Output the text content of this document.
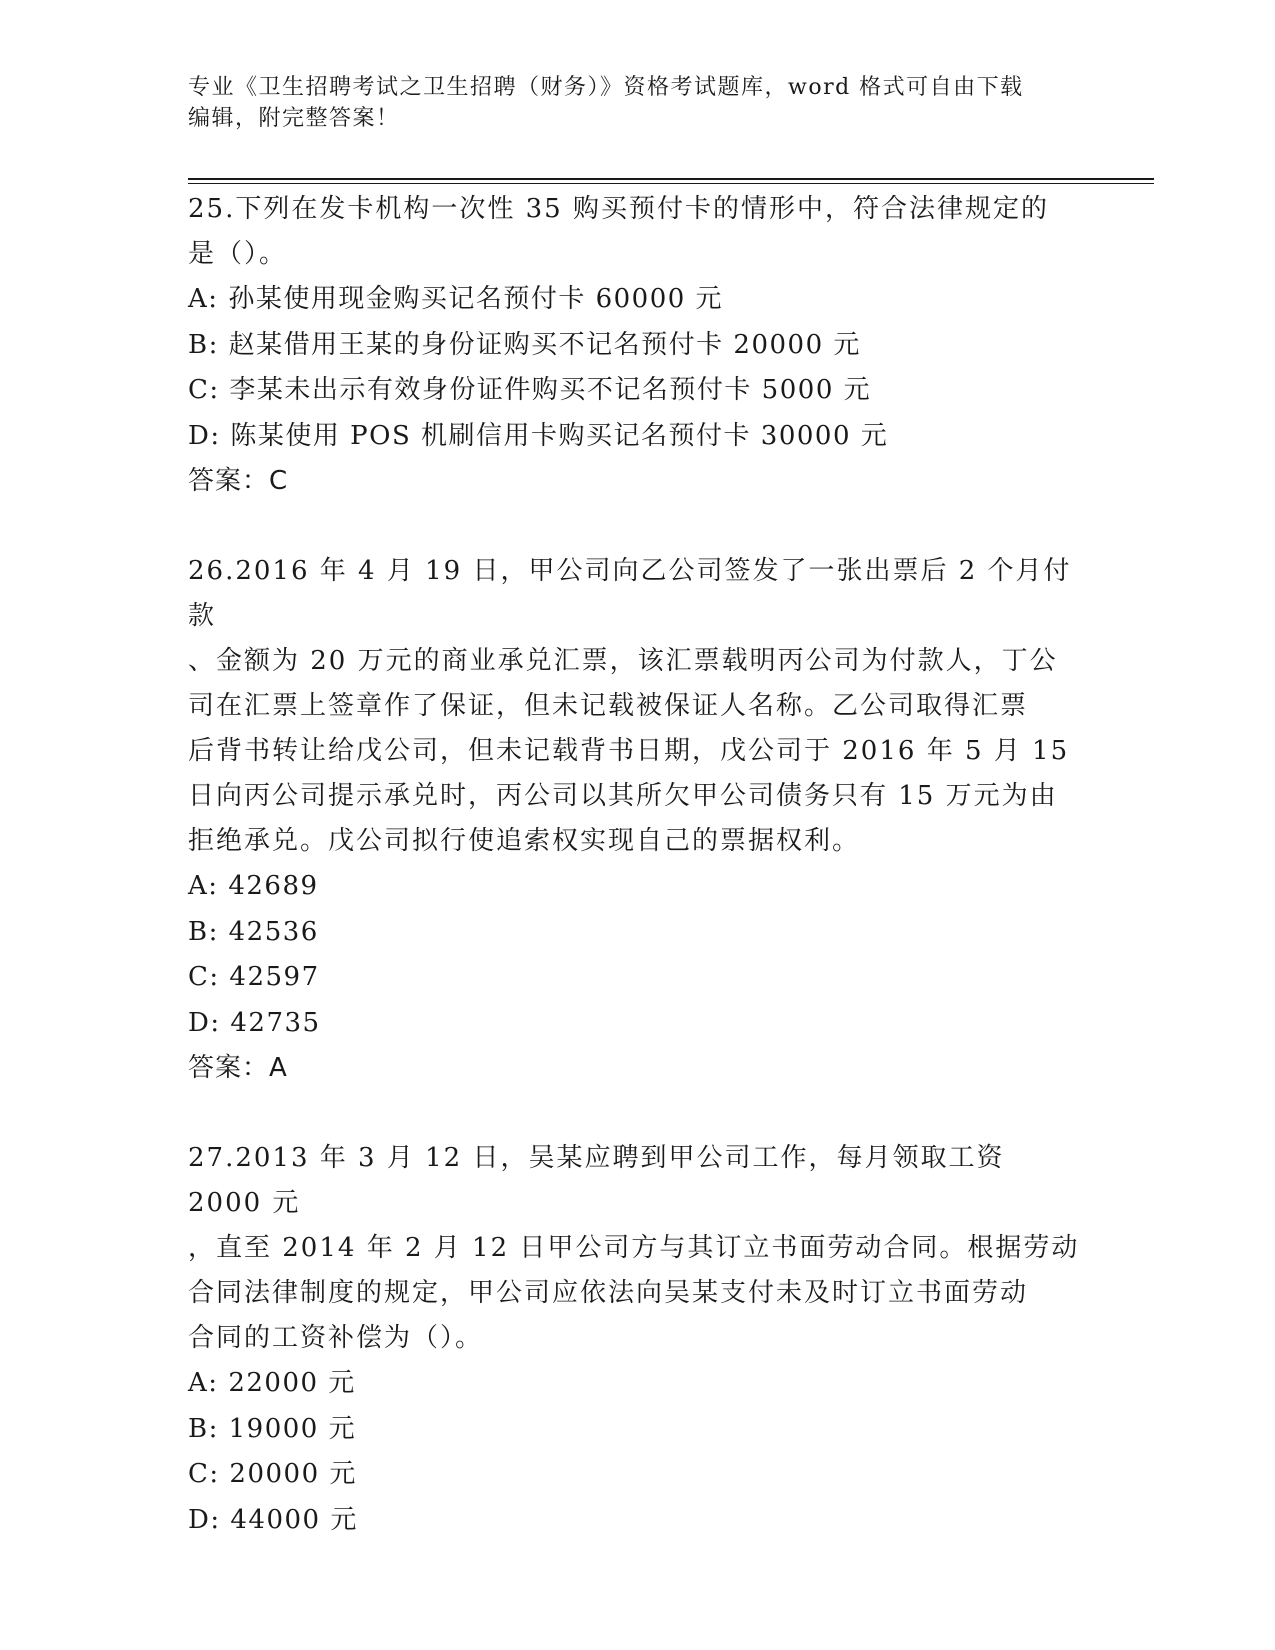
专业《卫生招聘考试之卫生招聘（财务）》资格考试题库，word 格式可自由下载
编辑，附完整答案！
25.下列在发卡机构一次性 35 购买预付卡的情形中，符合法律规定的
是（）。
A: 孙某使用现金购买记名预付卡 60000 元
B: 赵某借用王某的身份证购买不记名预付卡 20000 元
C: 李某未出示有效身份证件购买不记名预付卡 5000 元
D: 陈某使用 POS 机刷信用卡购买记名预付卡 30000 元
答案：C
26.2016 年 4 月 19 日，甲公司向乙公司签发了一张出票后 2 个月付款
、金额为 20 万元的商业承兑汇票，该汇票载明丙公司为付款人，丁公
司在汇票上签章作了保证，但未记载被保证人名称。乙公司取得汇票
后背书转让给戊公司，但未记载背书日期，戊公司于 2016 年 5 月 15
日向丙公司提示承兑时，丙公司以其所欠甲公司债务只有 15 万元为由
拒绝承兑。戊公司拟行使追索权实现自己的票据权利。
A: 42689
B: 42536
C: 42597
D: 42735
答案：A
27.2013 年 3 月 12 日，吴某应聘到甲公司工作，每月领取工资 2000 元
，直至 2014 年 2 月 12 日甲公司方与其订立书面劳动合同。根据劳动
合同法律制度的规定，甲公司应依法向吴某支付未及时订立书面劳动
合同的工资补偿为（）。
A: 22000 元
B: 19000 元
C: 20000 元
D: 44000 元
